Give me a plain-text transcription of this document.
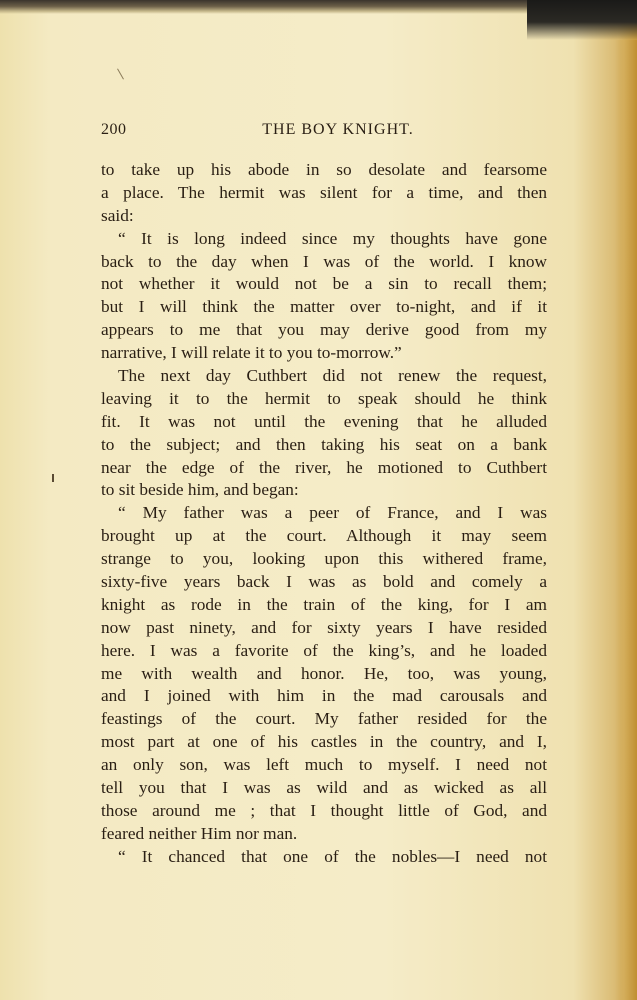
200	THE BOY KNIGHT.
to take up his abode in so desolate and fearsome
a place. The hermit was silent for a time, and then
said:
“ It is long indeed since my thoughts have gone
back to the day when I was of the world. I know
not whether it would not be a sin to recall them;
but I will think the matter over to-night, and if it
appears to me that you may derive good from my
narrative, I will relate it to you to-morrow.”
The next day Cuthbert did not renew the request,
leaving it to the hermit to speak should he think
fit. It was not until the evening that he alluded
to the subject; and then taking his seat on a bank
near the edge of the river, he motioned to Cuthbert
to sit beside him, and began:
“ My father was a peer of France, and I was
brought up at the court. Although it may seem
strange to you, looking upon this withered frame,
sixty-five years back I was as bold and comely a
knight as rode in the train of the king, for I am
now past ninety, and for sixty years I have resided
here. I was a favorite of the king’s, and he loaded
me with wealth and honor. He, too, was young,
and I joined with him in the mad carousals and
feastings of the court. My father resided for the
most part at one of his castles in the country, and I,
an only son, was left much to myself. I need not
tell you that I was as wild and as wicked as all
those around me ; that I thought little of God, and
feared neither Him nor man.
“ It chanced that one of the nobles—I need not
